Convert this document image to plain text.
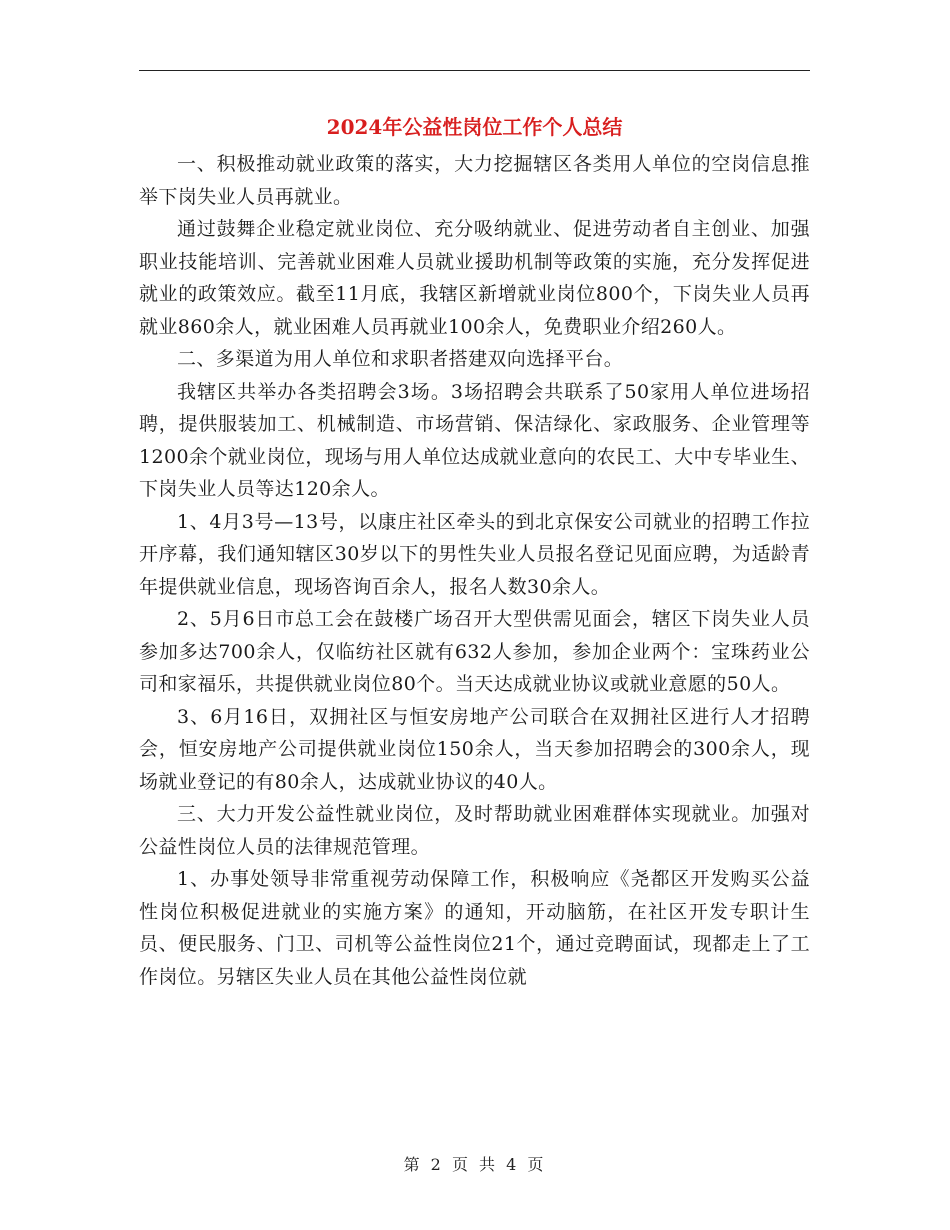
2024年公益性岗位工作个人总结

一、积极推动就业政策的落实，大力挖掘辖区各类用人单位的空岗信息推举下岗失业人员再就业。

通过鼓舞企业稳定就业岗位、充分吸纳就业、促进劳动者自主创业、加强职业技能培训、完善就业困难人员就业援助机制等政策的实施，充分发挥促进就业的政策效应。截至11月底，我辖区新增就业岗位800个，下岗失业人员再就业860余人，就业困难人员再就业100余人，免费职业介绍260人。

二、多渠道为用人单位和求职者搭建双向选择平台。

我辖区共举办各类招聘会3场。3场招聘会共联系了50家用人单位进场招聘，提供服装加工、机械制造、市场营销、保洁绿化、家政服务、企业管理等1200余个就业岗位，现场与用人单位达成就业意向的农民工、大中专毕业生、下岗失业人员等达120余人。

1、4月3号—13号，以康庄社区牵头的到北京保安公司就业的招聘工作拉开序幕，我们通知辖区30岁以下的男性失业人员报名登记见面应聘，为适龄青年提供就业信息，现场咨询百余人，报名人数30余人。

2、5月6日市总工会在鼓楼广场召开大型供需见面会，辖区下岗失业人员参加多达700余人，仅临纺社区就有632人参加，参加企业两个：宝珠药业公司和家福乐，共提供就业岗位80个。当天达成就业协议或就业意愿的50人。

3、6月16日，双拥社区与恒安房地产公司联合在双拥社区进行人才招聘会，恒安房地产公司提供就业岗位150余人，当天参加招聘会的300余人，现场就业登记的有80余人，达成就业协议的40人。

三、大力开发公益性就业岗位，及时帮助就业困难群体实现就业。加强对公益性岗位人员的法律规范管理。

1、办事处领导非常重视劳动保障工作，积极响应《尧都区开发购买公益性岗位积极促进就业的实施方案》的通知，开动脑筋，在社区开发专职计生员、便民服务、门卫、司机等公益性岗位21个，通过竞聘面试，现都走上了工作岗位。另辖区失业人员在其他公益性岗位就

第 2 页 共 4 页
